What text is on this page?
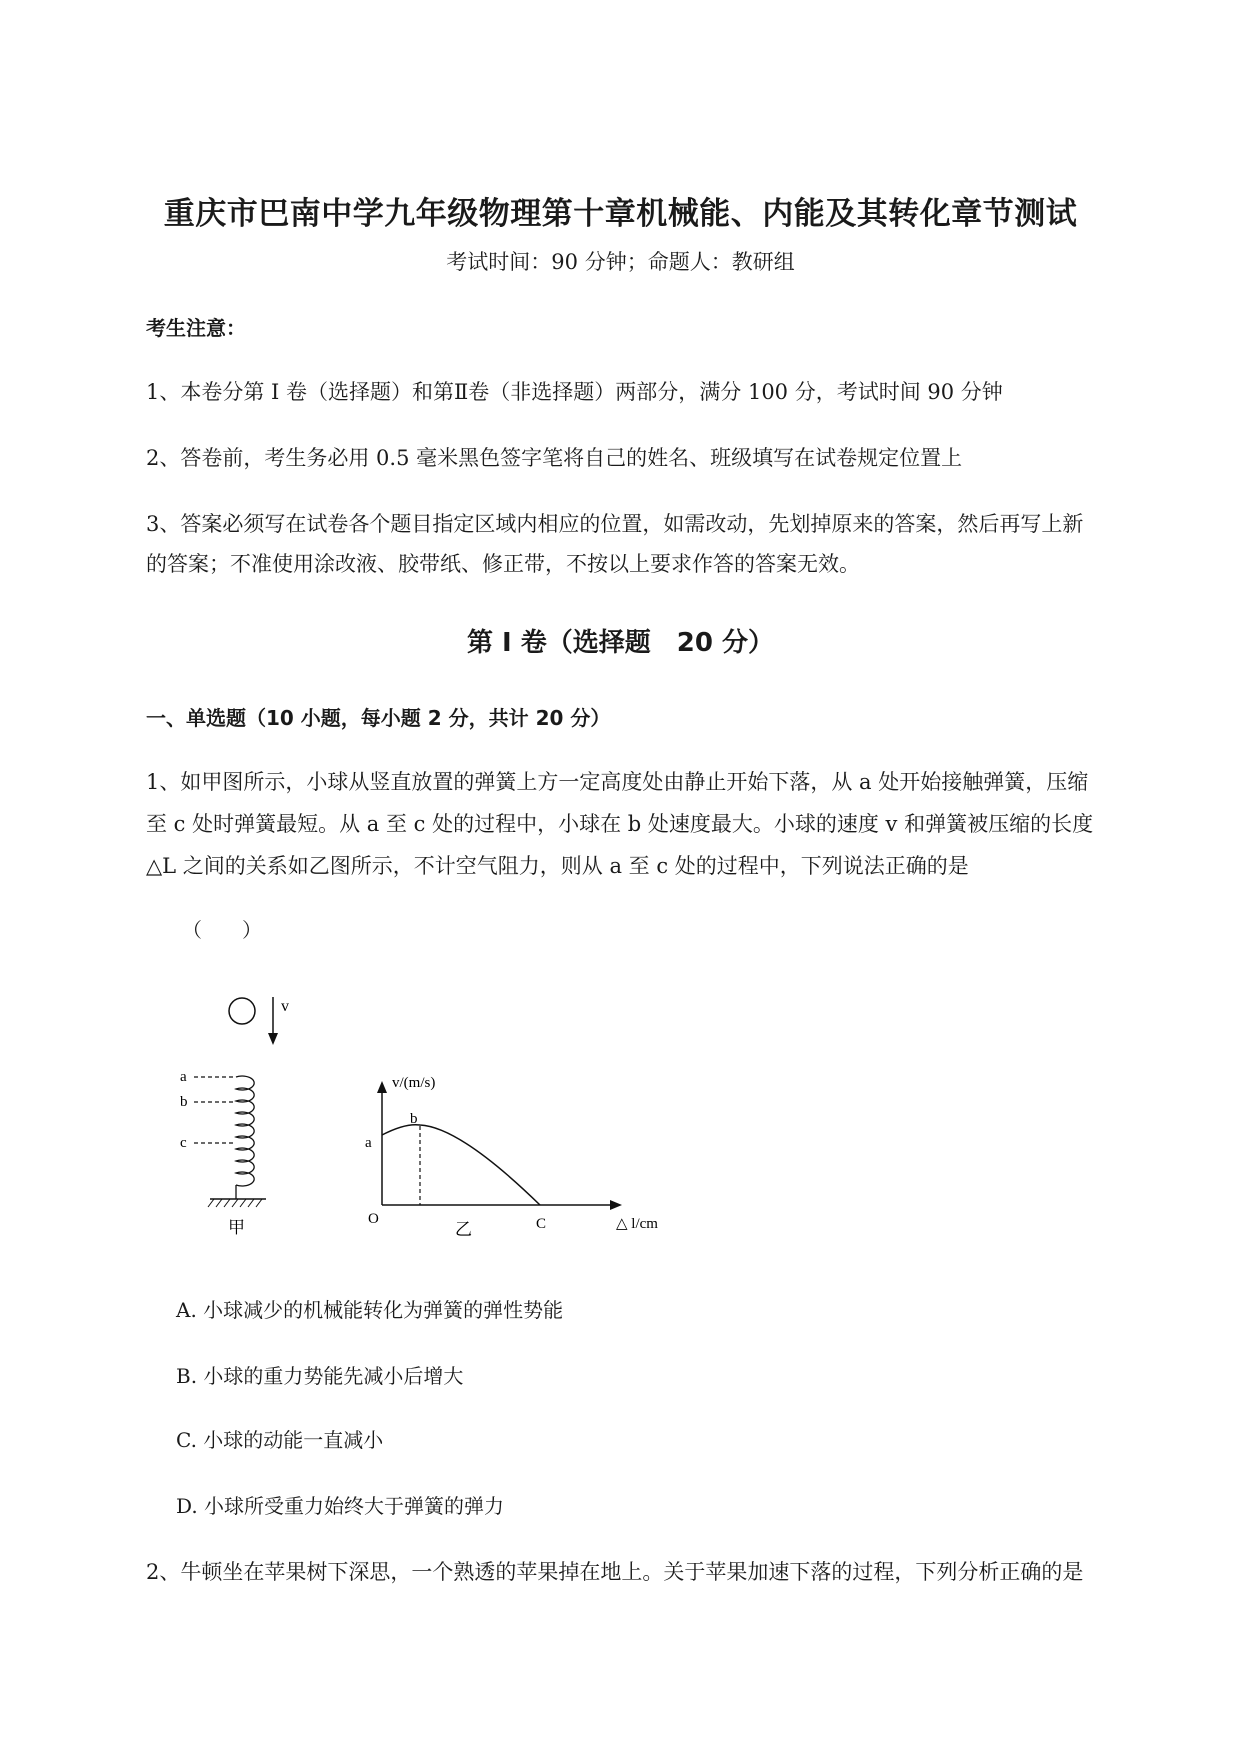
重庆市巴南中学九年级物理第十章机械能、内能及其转化章节测试
考试时间：90 分钟；命题人：教研组
考生注意：
1、本卷分第 I 卷（选择题）和第Ⅱ卷（非选择题）两部分，满分 100 分，考试时间 90 分钟
2、答卷前，考生务必用 0.5 毫米黑色签字笔将自己的姓名、班级填写在试卷规定位置上
3、答案必须写在试卷各个题目指定区域内相应的位置，如需改动，先划掉原来的答案，然后再写上新
的答案；不准使用涂改液、胶带纸、修正带，不按以上要求作答的答案无效。
第 I 卷（选择题　20 分）
一、单选题（10 小题，每小题 2 分，共计 20 分）
1、如甲图所示，小球从竖直放置的弹簧上方一定高度处由静止开始下落，从 a 处开始接触弹簧，压缩
至 c 处时弹簧最短。从 a 至 c 处的过程中，小球在 b 处速度最大。小球的速度 v 和弹簧被压缩的长度
△L 之间的关系如乙图所示，不计空气阻力，则从 a 至 c 处的过程中，下列说法正确的是
（　　）
v
a
b
c
甲
v/(m/s)
O
a
b
C	△ l/cm
乙
A. 小球减少的机械能转化为弹簧的弹性势能
B. 小球的重力势能先减小后增大
C. 小球的动能一直减小
D. 小球所受重力始终大于弹簧的弹力
2、牛顿坐在苹果树下深思，一个熟透的苹果掉在地上。关于苹果加速下落的过程，下列分析正确的是
